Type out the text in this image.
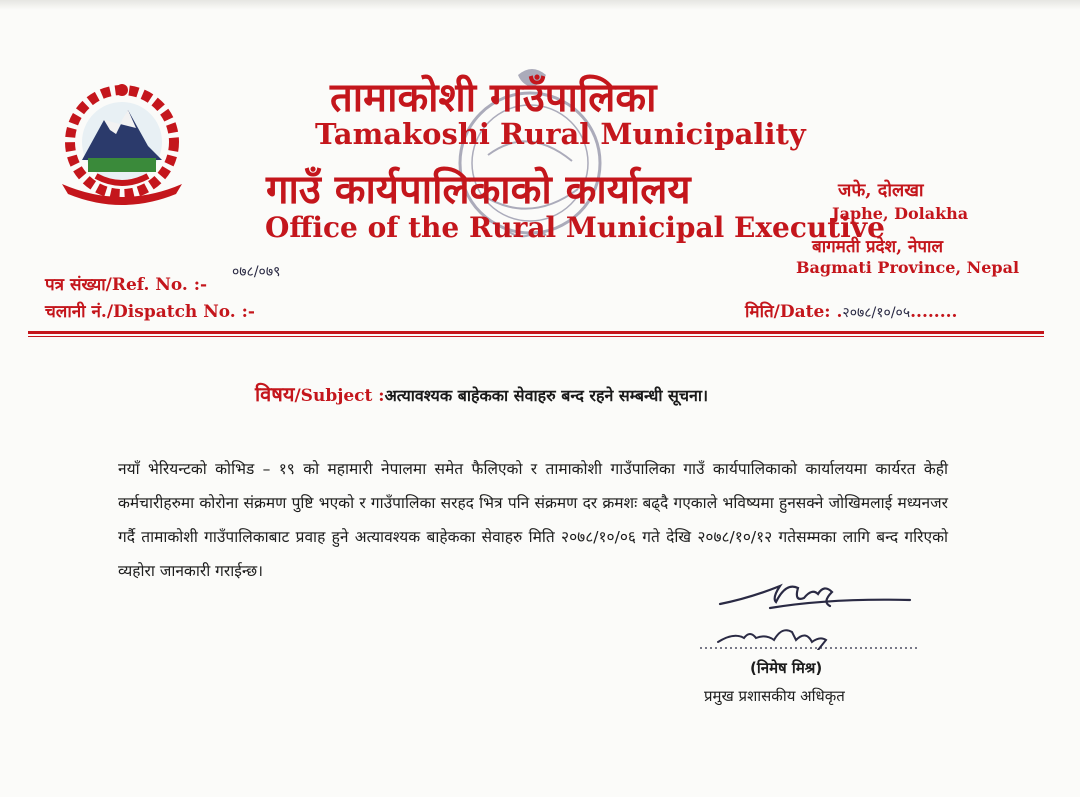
तामाकोशी गाउँपालिका
Tamakoshi Rural Municipality
गाउँ कार्यपालिकाको कार्यालय
Office of the Rural Municipal Executive
जफे, दोलखा
Japhe, Dolakha
बागमती प्रदेश, नेपाल
Bagmati Province, Nepal
पत्र संख्या/Ref. No. :-
०७८/०७९
चलानी नं./Dispatch No. :-	मिति/Date: .२०७८/१०/०५........
विषय/Subject :अत्यावश्यक बाहेकका सेवाहरु बन्द रहने सम्बन्धी सूचना।

नयाँ भेरियन्टको कोभिड – १९ को महामारी नेपालमा समेत फैलिएको र तामाकोशी गाउँपालिका गाउँ कार्यपालिकाको कार्यालयमा कार्यरत केही कर्मचारीहरुमा कोरोना संक्रमण पुष्टि भएको र गाउँपालिका सरहद भित्र पनि संक्रमण दर क्रमशः बढ्दै गएकाले भविष्यमा हुनसक्ने जोखिमलाई मध्यनजर गर्दै तामाकोशी गाउँपालिकाबाट प्रवाह हुने अत्यावश्यक बाहेकका सेवाहरु मिति २०७८/१०/०६ गते देखि २०७८/१०/१२ गतेसम्मका लागि बन्द गरिएको व्यहोरा जानकारी गराईन्छ।

(निमेष मिश्र)
प्रमुख प्रशासकीय अधिकृत
